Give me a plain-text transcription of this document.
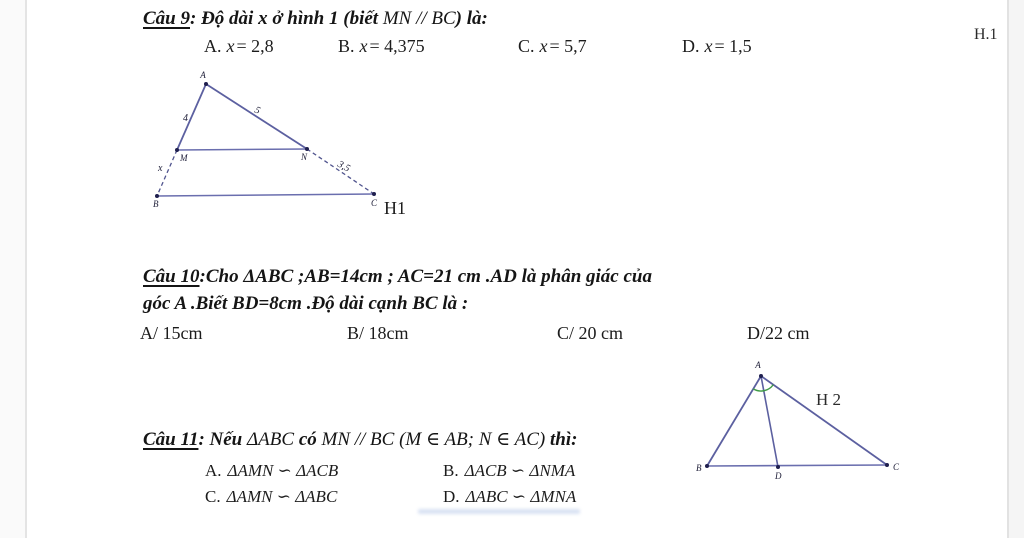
Câu 9: Độ dài x ở hình 1 (biết MN // BC) là:
H.1
A. x = 2,8	B. x = 4,375	C. x = 5,7	D. x = 1,5
A
M	N
B	C
4
5
x	3,5
H1
Câu 10:Cho ΔABC ;AB=14cm ; AC=21 cm .AD là phân giác của
góc A .Biết BD=8cm .Độ dài cạnh BC là :
A/ 15cm	B/ 18cm	C/ 20 cm	D/22 cm
A
B
D
C
H 2
Câu 11: Nếu ΔABC có MN // BC (M ∈ AB; N ∈ AC) thì:
A. ΔAMN ∽ ΔACB	B. ΔACB ∽ ΔNMA
C. ΔAMN ∽ ΔABC	D. ΔABC ∽ ΔMNA
